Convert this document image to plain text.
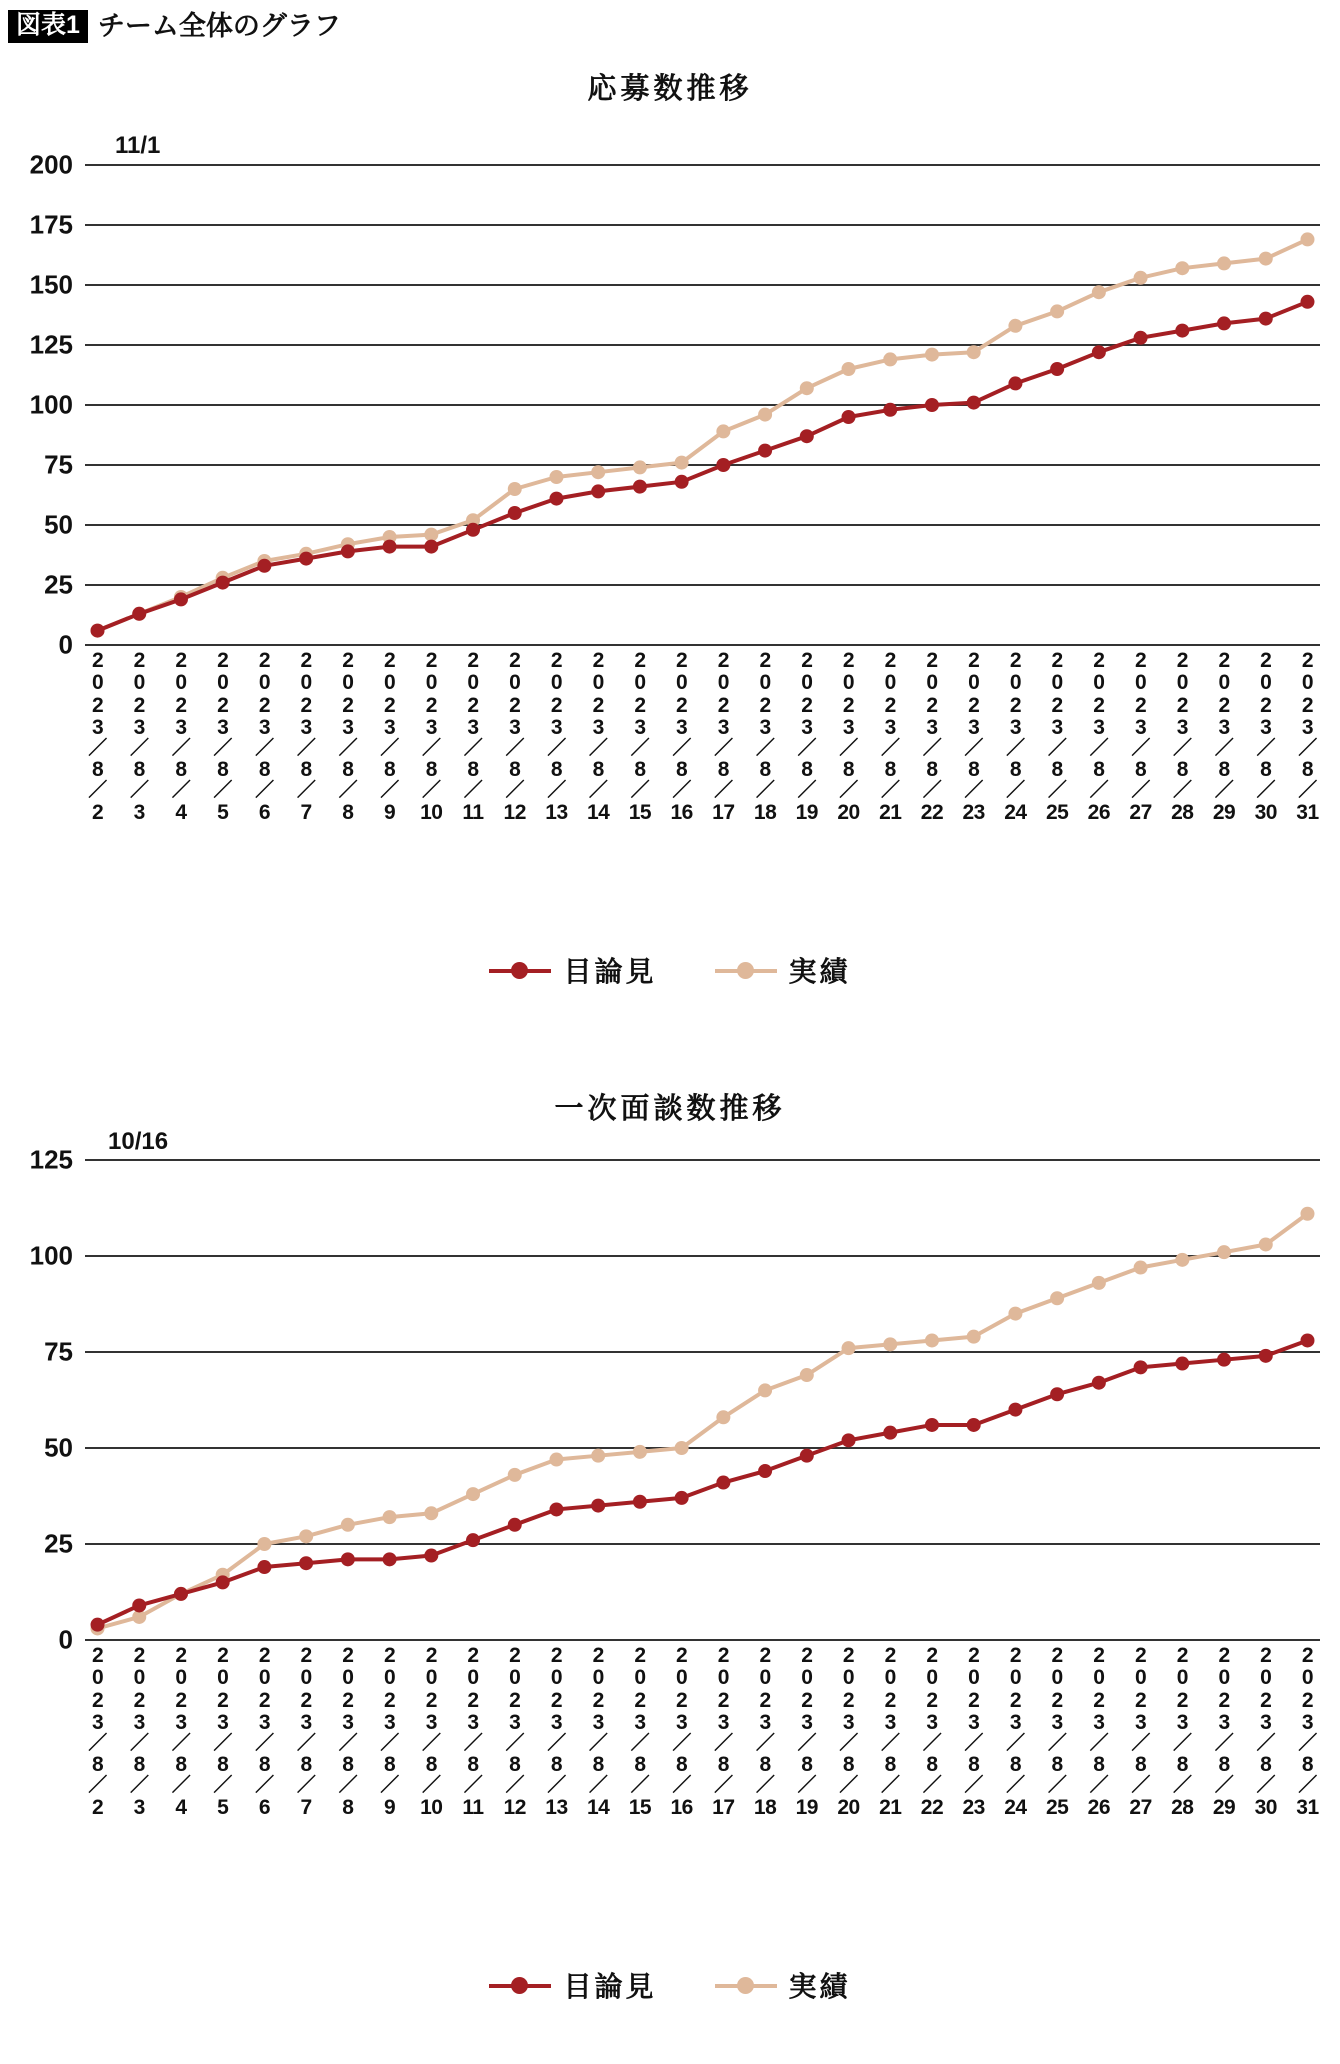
図表1 チーム全体のグラフ
応募数推移
11/1
0
25
50
75
100
125
150
175
200
2
0
2
3
／
8
／
2
2
0
2
3
／
8
／
3
2
0
2
3
／
8
／
4
2
0
2
3
／
8
／
5
2
0
2
3
／
8
／
6
2
0
2
3
／
8
／
7
2
0
2
3
／
8
／
8
2
0
2
3
／
8
／
9
2
0
2
3
／
8
／
10
2
0
2
3
／
8
／
11
2
0
2
3
／
8
／
12
2
0
2
3
／
8
／
13
2
0
2
3
／
8
／
14
2
0
2
3
／
8
／
15
2
0
2
3
／
8
／
16
2
0
2
3
／
8
／
17
2
0
2
3
／
8
／
18
2
0
2
3
／
8
／
19
2
0
2
3
／
8
／
20
2
0
2
3
／
8
／
21
2
0
2
3
／
8
／
22
2
0
2
3
／
8
／
23
2
0
2
3
／
8
／
24
2
0
2
3
／
8
／
25
2
0
2
3
／
8
／
26
2
0
2
3
／
8
／
27
2
0
2
3
／
8
／
28
2
0
2
3
／
8
／
29
2
0
2
3
／
8
／
30
2
0
2
3
／
8
／
31
目論見	実績
一次面談数推移
10/16
0
25
50
75
100
125
2
0
2
3
／
8
／
2
2
0
2
3
／
8
／
3
2
0
2
3
／
8
／
4
2
0
2
3
／
8
／
5
2
0
2
3
／
8
／
6
2
0
2
3
／
8
／
7
2
0
2
3
／
8
／
8
2
0
2
3
／
8
／
9
2
0
2
3
／
8
／
10
2
0
2
3
／
8
／
11
2
0
2
3
／
8
／
12
2
0
2
3
／
8
／
13
2
0
2
3
／
8
／
14
2
0
2
3
／
8
／
15
2
0
2
3
／
8
／
16
2
0
2
3
／
8
／
17
2
0
2
3
／
8
／
18
2
0
2
3
／
8
／
19
2
0
2
3
／
8
／
20
2
0
2
3
／
8
／
21
2
0
2
3
／
8
／
22
2
0
2
3
／
8
／
23
2
0
2
3
／
8
／
24
2
0
2
3
／
8
／
25
2
0
2
3
／
8
／
26
2
0
2
3
／
8
／
27
2
0
2
3
／
8
／
28
2
0
2
3
／
8
／
29
2
0
2
3
／
8
／
30
2
0
2
3
／
8
／
31
目論見	実績
